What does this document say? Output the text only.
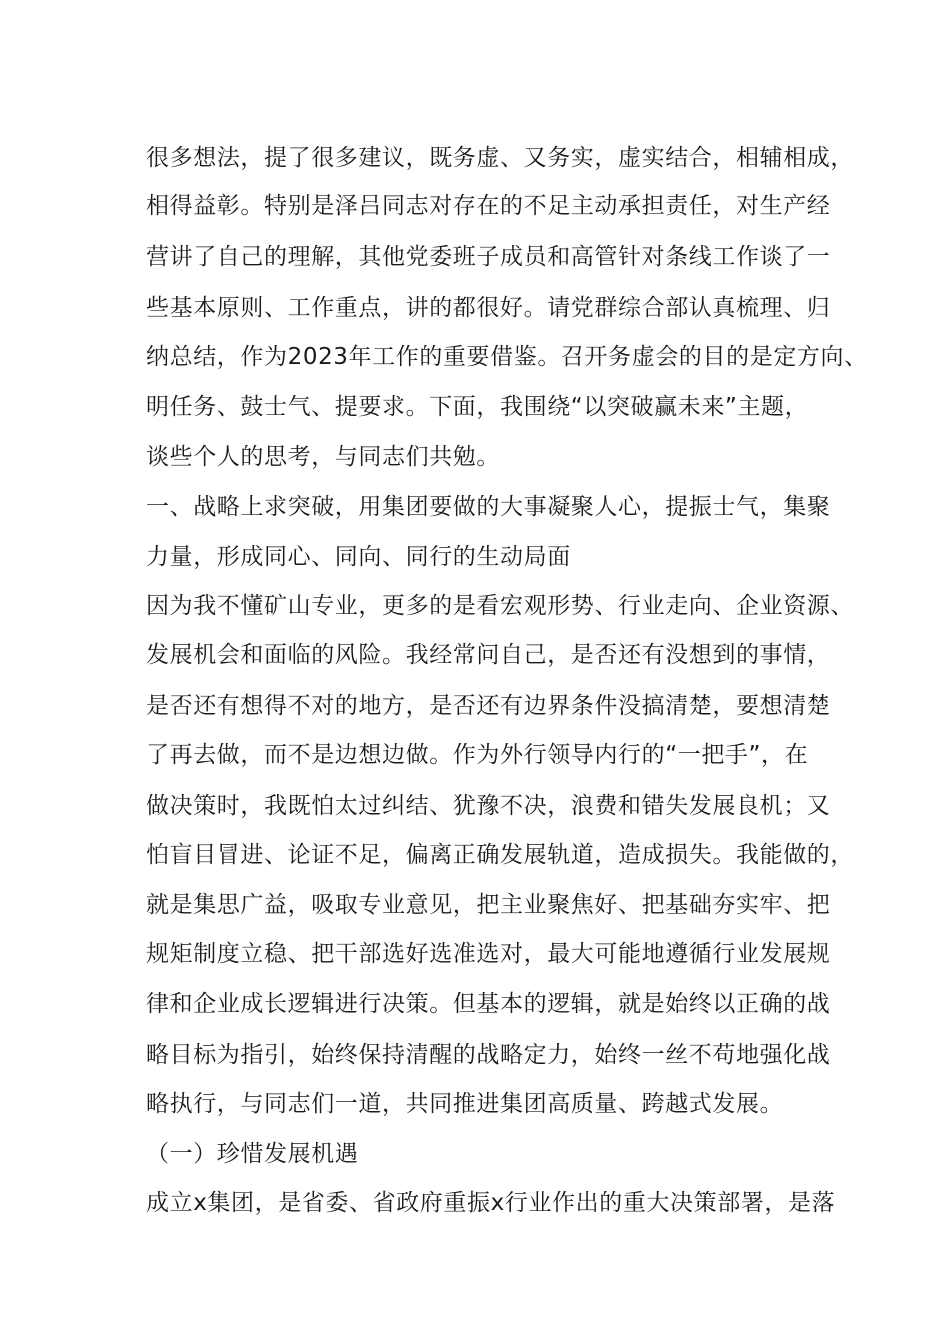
很多想法，提了很多建议，既务虚、又务实，虚实结合，相辅相成，
相得益彰。特别是泽吕同志对存在的不足主动承担责任，对生产经
营讲了自己的理解，其他党委班子成员和高管针对条线工作谈了一
些基本原则、工作重点，讲的都很好。请党群综合部认真梳理、归
纳总结，作为2023年工作的重要借鉴。召开务虚会的目的是定方向、
明任务、鼓士气、提要求。下面，我围绕“以突破赢未来”主题，
谈些个人的思考，与同志们共勉。
一、战略上求突破，用集团要做的大事凝聚人心，提振士气，集聚
力量，形成同心、同向、同行的生动局面
因为我不懂矿山专业，更多的是看宏观形势、行业走向、企业资源、
发展机会和面临的风险。我经常问自己，是否还有没想到的事情，
是否还有想得不对的地方，是否还有边界条件没搞清楚，要想清楚
了再去做，而不是边想边做。作为外行领导内行的“一把手”，在
做决策时，我既怕太过纠结、犹豫不决，浪费和错失发展良机；又
怕盲目冒进、论证不足，偏离正确发展轨道，造成损失。我能做的，
就是集思广益，吸取专业意见，把主业聚焦好、把基础夯实牢、把
规矩制度立稳、把干部选好选准选对，最大可能地遵循行业发展规
律和企业成长逻辑进行决策。但基本的逻辑，就是始终以正确的战
略目标为指引，始终保持清醒的战略定力，始终一丝不苟地强化战
略执行，与同志们一道，共同推进集团高质量、跨越式发展。
（一）珍惜发展机遇
成立x集团，是省委、省政府重振x行业作出的重大决策部署，是落
